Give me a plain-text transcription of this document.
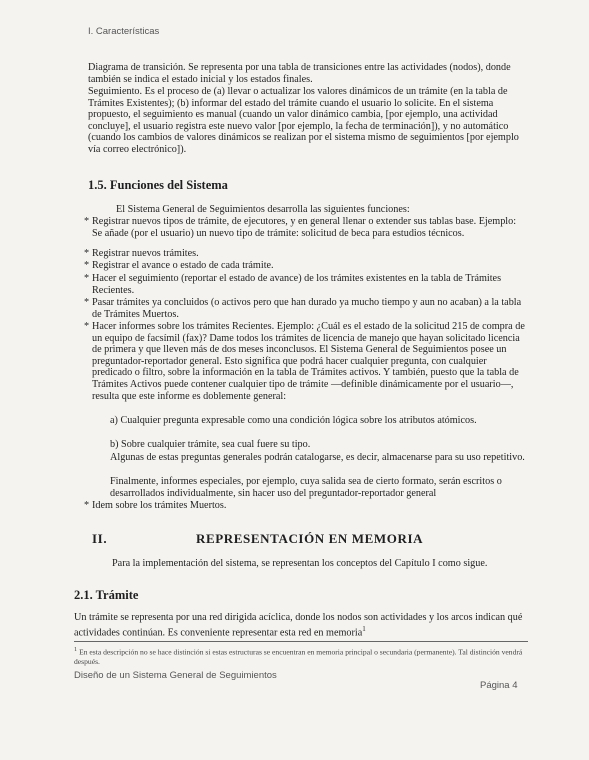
I. Características
Diagrama de transición. Se representa por una tabla de transiciones entre las actividades (nodos), donde también se indica el estado inicial y los estados finales.
Seguimiento. Es el proceso de (a) llevar o actualizar los valores dinámicos de un trámite (en la tabla de Trámites Existentes); (b) informar del estado del trámite cuando el usuario lo solicite. En el sistema propuesto, el seguimiento es manual (cuando un valor dinámico cambia, [por ejemplo, una actividad concluye], el usuario registra este nuevo valor [por ejemplo, la fecha de terminación]), y no automático (cuando los cambios de valores dinámicos se realizan por el sistema mismo de seguimientos [por ejemplo vía correo electrónico]).
1.5. Funciones del Sistema
El Sistema General de Seguimientos desarrolla las siguientes funciones:
* Registrar nuevos tipos de trámite, de ejecutores, y en general llenar o extender sus tablas base. Ejemplo: Se añade (por el usuario) un nuevo tipo de trámite: solicitud de beca para estudios técnicos.
* Registrar nuevos trámites.
* Registrar el avance o estado de cada trámite.
* Hacer el seguimiento (reportar el estado de avance) de los trámites existentes en la tabla de Trámites Recientes.
* Pasar trámites ya concluidos (o activos pero que han durado ya mucho tiempo y aun no acaban) a la tabla de Trámites Muertos.
* Hacer informes sobre los trámites Recientes. Ejemplo: ¿Cuál es el estado de la solicitud 215 de compra de un equipo de facsímil (fax)? Dame todos los trámites de licencia de manejo que hayan solicitado licencia de primera y que lleven más de dos meses inconclusos. El Sistema General de Seguimientos posee un preguntador-reportador general. Esto significa que podrá hacer cualquier pregunta, con cualquier predicado o filtro, sobre la información en la tabla de Trámites activos. Y también, puesto que la tabla de Trámites Activos puede contener cualquier tipo de trámite —definible dinámicamente por el usuario—, resulta que este informe es doblemente general:
a) Cualquier pregunta expresable como una condición lógica sobre los atributos atómicos.
b) Sobre cualquier trámite, sea cual fuere su tipo.
Algunas de estas preguntas generales podrán catalogarse, es decir, almacenarse para su uso repetitivo.
Finalmente, informes especiales, por ejemplo, cuya salida sea de cierto formato, serán escritos o desarrollados individualmente, sin hacer uso del preguntador-reportador general
* Idem sobre los trámites Muertos.
II.	REPRESENTACIÓN EN MEMORIA
Para la implementación del sistema, se representan los conceptos del Capítulo I como sigue.
2.1. Trámite
Un trámite se representa por una red dirigida acíclica, donde los nodos son actividades y los arcos indican qué actividades continúan. Es conveniente representar esta red en memoria$^1$
$^1$ En esta descripción no se hace distinción si estas estructuras se encuentran en memoria principal o secundaria (permanente). Tal distinción vendrá después.
Diseño de un Sistema General de Seguimientos
Página 4
